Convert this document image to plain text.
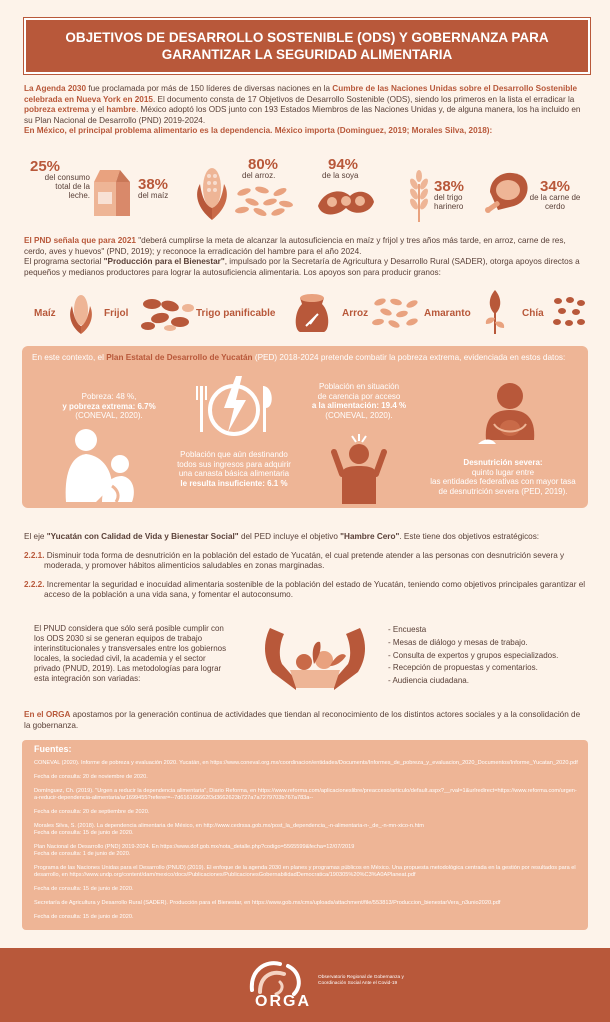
OBJETIVOS DE DESARROLLO SOSTENIBLE (ODS) Y GOBERNANZA PARA
GARANTIZAR LA SEGURIDAD ALIMENTARIA
La Agenda 2030 fue proclamada por más de 150 líderes de diversas naciones en la Cumbre de las Naciones Unidas sobre el Desarrollo Sostenible celebrada en Nueva York en 2015. El documento consta de 17 Objetivos de Desarrollo Sostenible (ODS), siendo los primeros en la lista el erradicar la pobreza extrema y el hambre. México adoptó los ODS junto con 193 Estados Miembros de las Naciones Unidas y, de alguna manera, los ha incluido en su Plan Nacional de Desarrollo (PND) 2019-2024.
En México, el principal problema alimentario es la dependencia. México importa (Dominguez, 2019; Morales Silva, 2018):
25%
del consumo total de la leche.
38%
del maíz
80%
del arroz.
94%
de la soya
38%
del trigo harinero
34%
de la carne de cerdo
El PND señala que para 2021 "deberá cumplirse la meta de alcanzar la autosuficiencia en maíz y frijol y tres años más tarde, en arroz, carne de res, cerdo, aves y huevos" (PND, 2019); y reconoce la erradicación del hambre para el año 2024.
El programa sectorial "Producción para el Bienestar", impulsado por la Secretaría de Agricultura y Desarrollo Rural (SADER), otorga apoyos directos a pequeños y medianos productores para lograr la autosuficiencia alimentaria. Los apoyos son para producir granos:
Maíz	Frijol	Trigo panificable	Arroz	Amaranto	Chía
En este contexto, el Plan Estatal de Desarrollo de Yucatán (PED) 2018-2024 pretende combatir la pobreza extrema, evidenciada en estos datos:
Pobreza: 48 %,
y pobreza extrema: 6.7%
(CONEVAL, 2020).
Población que aún destinando
todos sus ingresos para adquirir
una canasta básica alimentaria
le resulta insuficiente: 6.1 %
Población en situación
de carencia por acceso
a la alimentación: 19.4 %
(CONEVAL, 2020).
Desnutrición severa:
quinto lugar entre
las entidades federativas con mayor tasa
de desnutrición severa (PED, 2019).
El eje "Yucatán con Calidad de Vida y Bienestar Social" del PED incluye el objetivo "Hambre Cero". Este tiene dos objetivos estratégicos:
2.2.1. Disminuir toda forma de desnutrición en la población del estado de Yucatán, el cual pretende atender a las personas con desnutrición severa y moderada, y promover hábitos alimenticios saludables en zonas marginadas.
2.2.2. Incrementar la seguridad e inocuidad alimentaria sostenible de la población del estado de Yucatán, teniendo como objetivos principales garantizar el acceso de la población a una vida sana, y fomentar el autoconsumo.
El PNUD considera que sólo será posible cumplir con los ODS 2030 si se generan equipos de trabajo interinstitucionales y transversales entre los gobiernos locales, la sociedad civil, la academia y el sector privado (PNUD, 2019). Las metodologías para lograr esta integración son variadas:
- Encuesta
- Mesas de diálogo y mesas de trabajo.
- Consulta de expertos y grupos especializados.
- Recepción de propuestas y comentarios.
- Audiencia ciudadana.
En el ORGA apostamos por la generación continua de actividades que tiendan al reconocimiento de los distintos actores sociales y a la consolidación de la gobernanza.
Fuentes:
CONEVAL (2020). Informe de pobreza y evaluación 2020. Yucatán, en https://www.coneval.org.mx/coordinacion/entidades/Documents/Informes_de_pobreza_y_evaluacion_2020_Documentos/Informe_Yucatan_2020.pdf
Fecha de consulta: 20 de noviembre de 2020.
Domínguez, Ch. (2019). "Urgen a reducir la dependencia alimentaria", Diario Reforma, en https://www.reforma.com/aplicacioneslibre/preacceso/articulo/default.aspx?__rval=1&urlredirect=https://www.reforma.com/urgen-a-reducir-dependencia-alimentaria/ar1699455?referer=--7d616165662f3d3662623b727a7a7279703b767a783a--
Fecha de consulta: 20 de septiembre de 2020.
Morales Silva, S. (2018). La dependencia alimentaria de México, en http://www.cedrssa.gob.mx/post_la_dependencia_-n-alimentaria-n-_de_-n-mn-xico-n.htm
Fecha de consulta: 15 de junio de 2020.
Plan Nacional de Desarrollo (PND) 2019-2024. En https://www.dof.gob.mx/nota_detalle.php?codigo=5565599&fecha=12/07/2019
Fecha de consulta: 1 de junio de 2020.
Programa de las Naciones Unidas para el Desarrollo (PNUD) (2019). El enfoque de la agenda 2030 en planes y programas públicos en México. Una propuesta metodológica centrada en la gestión por resultados para el desarrollo, en https://www.undp.org/content/dam/mexico/docs/Publicaciones/PublicacionesGobernabilidadDemocratica/190305%20%C3%A0APlaneat.pdf
Fecha de consulta: 15 de junio de 2020.
Secretaría de Agricultura y Desarrollo Rural (SADER). Producción para el Bienestar, en https://www.gob.mx/cms/uploads/attachment/file/553813/Produccion_bienestarVera_n3unio2020.pdf
Fecha de consulta: 15 de junio de 2020.
ORGA
Observatorio Regional de Gobernanza y Coordinación Social Ante el Covid-19
